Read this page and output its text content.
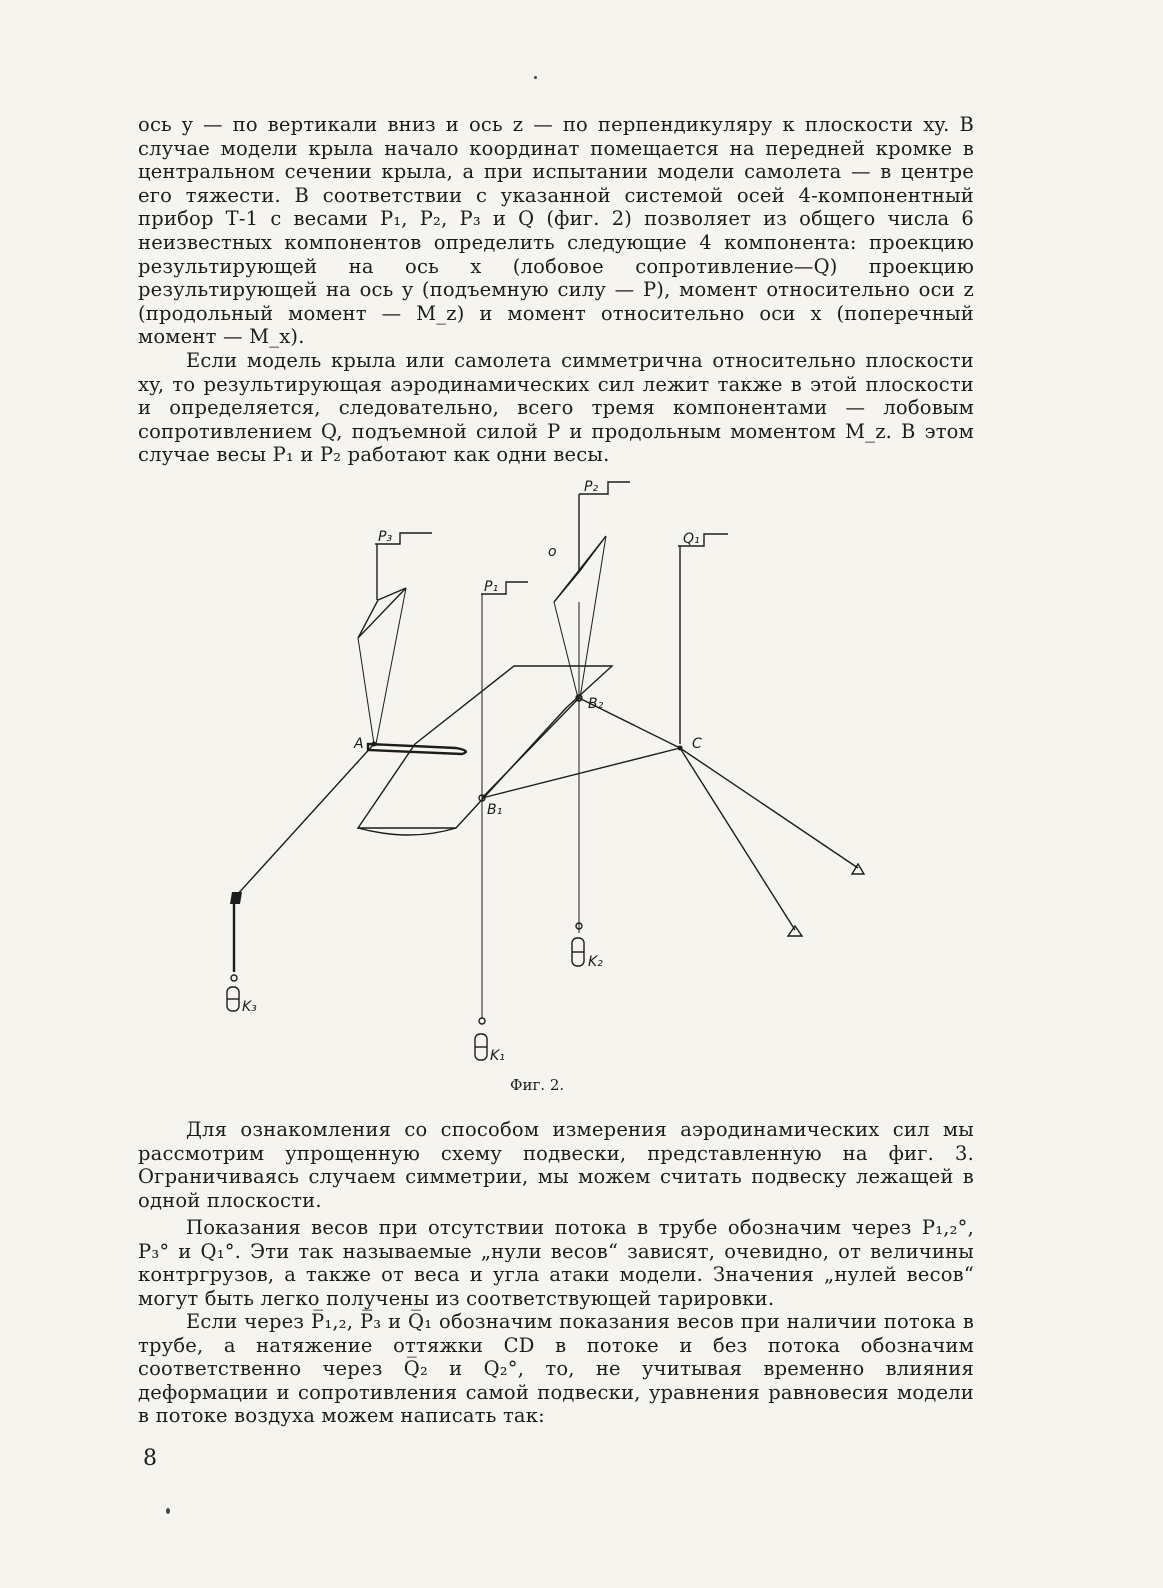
ось y — по вертикали вниз и ось z — по перпендикуляру к плоскости xy. В случае модели крыла начало координат помещается на передней кромке в центральном сечении крыла, а при испытании модели самолета — в центре его тяжести. В соответствии с указанной системой осей 4-компонентный прибор Т-1 с весами P₁, P₂, P₃ и Q (фиг. 2) позволяет из общего числа 6 неизвестных компонентов определить следующие 4 компонента: проекцию результирующей на ось x (лобовое сопротивление—Q) проекцию результирующей на ось y (подъемную силу — P), момент относительно оси z (продольный момент — M_z) и момент относительно оси x (поперечный момент — M_x).

Если модель крыла или самолета симметрична относительно плоскости xy, то результирующая аэродинамических сил лежит также в этой плоскости и определяется, следовательно, всего тремя компонентами — лобовым сопротивлением Q, подъемной силой P и продольным моментом M_z. В этом случае весы P₁ и P₂ работают как одни весы.

P₃
P₂
o
P₁
Q₁
A
B₁
B₂
C
K₃
K₂
K₁
Фиг. 2.

Для ознакомления со способом измерения аэродинамических сил мы рассмотрим упрощенную схему подвески, представленную на фиг. 3. Ограничиваясь случаем симметрии, мы можем считать подвеску лежащей в одной плоскости.

Показания весов при отсутствии потока в трубе обозначим через P₁,₂°, P₃° и Q₁°. Эти так называемые „нули весов“ зависят, очевидно, от величины контргрузов, а также от веса и угла атаки модели. Значения „нулей весов“ могут быть легко получены из соответствующей тарировки.

Если через P̅₁,₂, P̅₃ и Q̅₁ обозначим показания весов при наличии потока в трубе, а натяжение оттяжки CD в потоке и без потока обозначим соответственно через Q̅₂ и Q₂°, то, не учитывая временно влияния деформации и сопротивления самой подвески, уравнения равновесия модели в потоке воздуха можем написать так:

8
